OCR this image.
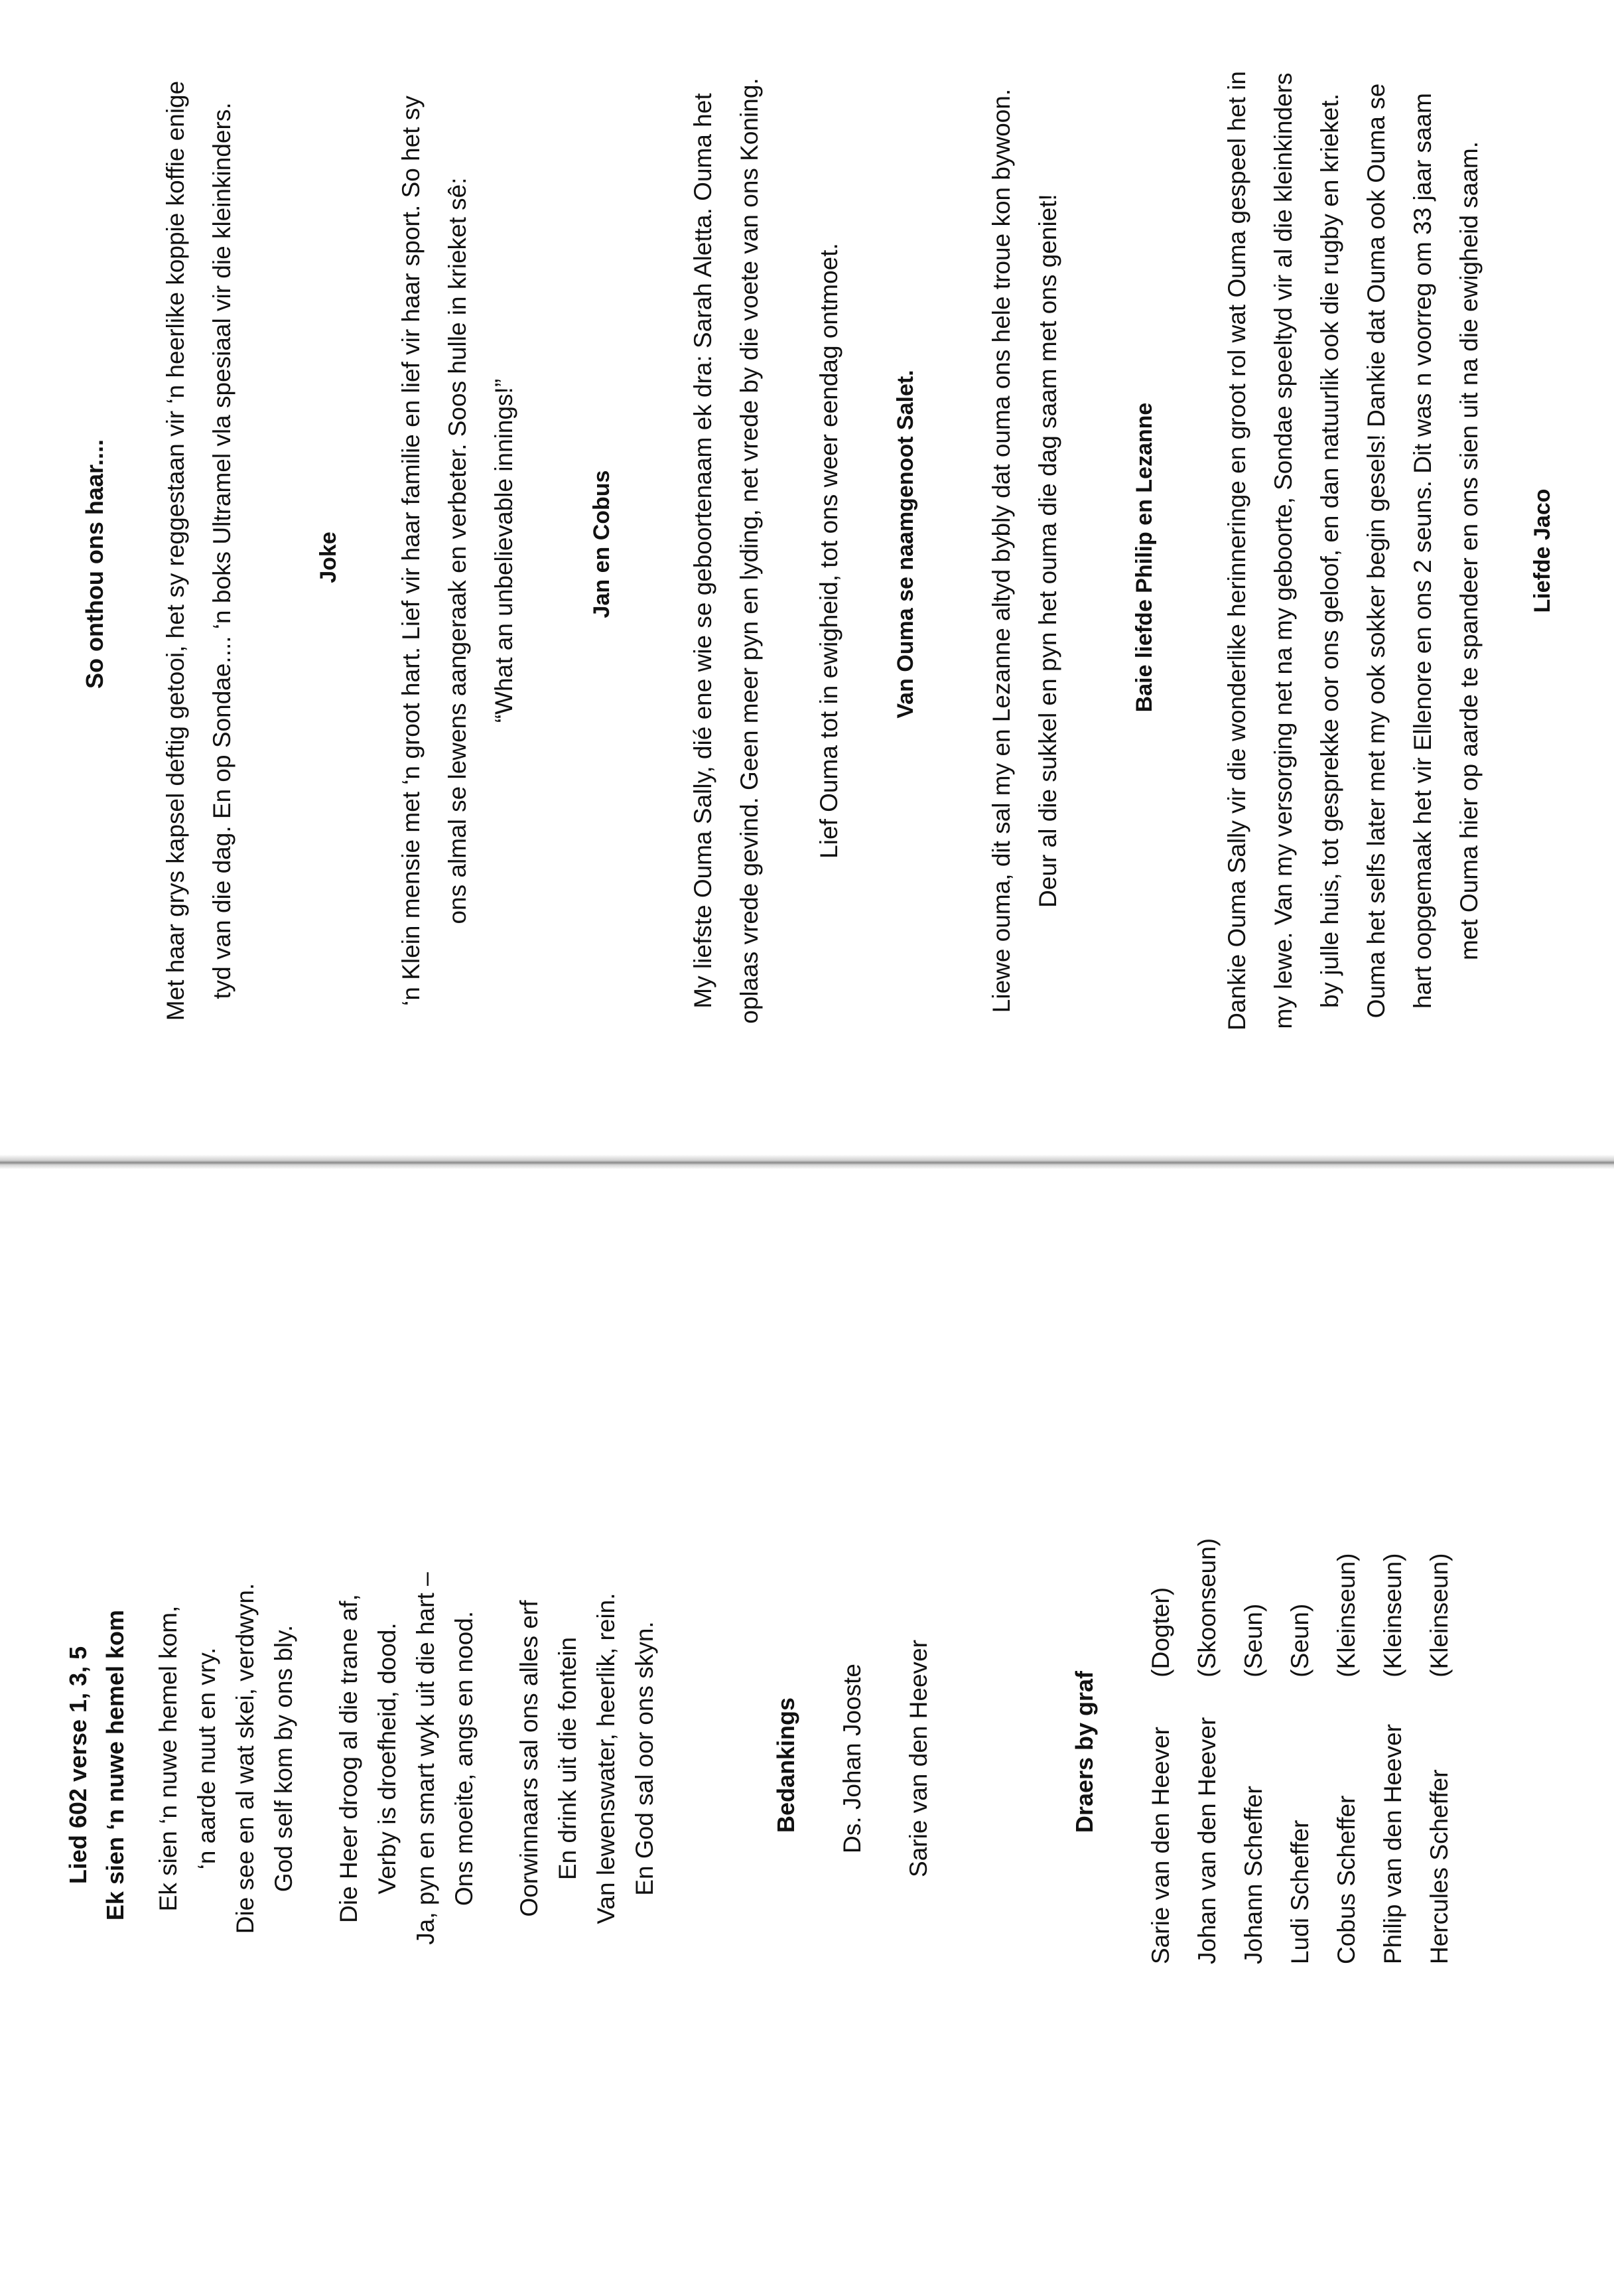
So onthou ons haar....	Met haar grys kapsel deftig getooi, het sy reggestaan vir ‘n heerlike koppie koffie enige tyd van die dag. En op Sondae.... ‘n boks Ultramel vla spesiaal vir die kleinkinders.	Joke	‘n Klein mensie met ‘n groot hart. Lief vir haar familie en lief vir haar sport. So het sy ons almal se lewens aangeraak en verbeter. Soos hulle in krieket sê: “What an unbelievable innings!”	Jan en Cobus	My liefste Ouma Sally, dié ene wie se geboortenaam ek dra: Sarah Aletta. Ouma het oplaas vrede gevind. Geen meer pyn en lyding, net vrede by die voete van ons Koning.	Lief Ouma tot in ewigheid, tot ons weer eendag ontmoet.	Van Ouma se naamgenoot Salet.	Liewe ouma, dit sal my en Lezanne altyd bybly dat ouma ons hele troue kon bywoon. Deur al die sukkel en pyn het ouma die dag saam met ons geniet!	Baie liefde Philip en Lezanne	Dankie Ouma Sally vir die wonderlike herinneringe en groot rol wat Ouma gespeel het in my lewe. Van my versorging net na my geboorte, Sondae speeltyd vir al die kleinkinders by julle huis, tot gesprekke oor ons geloof, en dan natuurlik ook die rugby en krieket. Ouma het selfs later met my ook sokker begin gesels! Dankie dat Ouma ook Ouma se hart oopgemaak het vir Ellenore en ons 2 seuns. Dit was n voorreg om 33 jaar saam met Ouma hier op aarde te spandeer en ons sien uit na die ewigheid saam.	Liefde Jaco
Lied 602 verse 1, 3, 5 Ek sien ‘n nuwe hemel kom Ek sien ‘n nuwe hemel kom, ‘n aarde nuut en vry. Die see en al wat skei, verdwyn. God self kom by ons bly. Die Heer droog al die trane af, Verby is droefheid, dood. Ja, pyn en smart wyk uit die hart – Ons moeite, angs en nood. Oorwinnaars sal ons alles erf En drink uit die fontein Van lewenswater, heerlik, rein. En God sal oor ons skyn.	Bedankings	Ds. Johan Jooste	Sarie van den Heever	Draers by graf	Sarie van den Heever	(Dogter)
Johan van den Heever	(Skoonseun)
Johann Scheffer	(Seun)
Ludi Scheffer	(Seun)
Cobus Scheffer	(Kleinseun)
Philip van den Heever	(Kleinseun)
Hercules Scheffer	(Kleinseun)
